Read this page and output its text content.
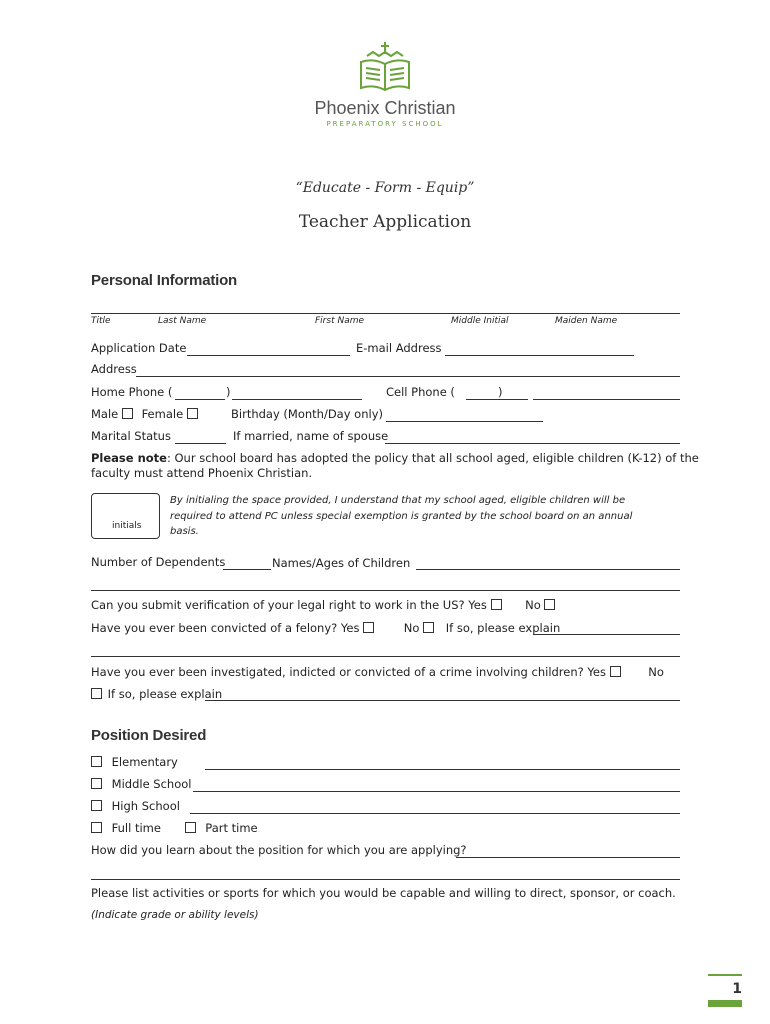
Phoenix Christian
PREPARATORY SCHOOL
“Educate - Form - Equip”
Teacher Application
Personal Information
Title	Last Name	First Name	Middle Initial	Maiden Name
Application Date	E-mail Address
Address
Home Phone (	)	Cell Phone (	)
Male Female	Birthday (Month/Day only)
Marital Status	If married, name of spouse
Please note: Our school board has adopted the policy that all school aged, eligible children (K-12) of the
faculty must attend Phoenix Christian.
initials
By initialing the space provided, I understand that my school aged, eligible children will be
required to attend PC unless special exemption is granted by the school board on an annual
basis.
Number of Dependents	Names/Ages of Children
Can you submit verification of your legal right to work in the US? Yes	No
Have you ever been convicted of a felony? Yes	No If so, please explain
Have you ever been investigated, indicted or convicted of a crime involving children? Yes	No
If so, please explain
Position Desired
Elementary
Middle School
High School
Full time	Part time
How did you learn about the position for which you are applying?
Please list activities or sports for which you would be capable and willing to direct, sponsor, or coach.
(Indicate grade or ability levels)
1
